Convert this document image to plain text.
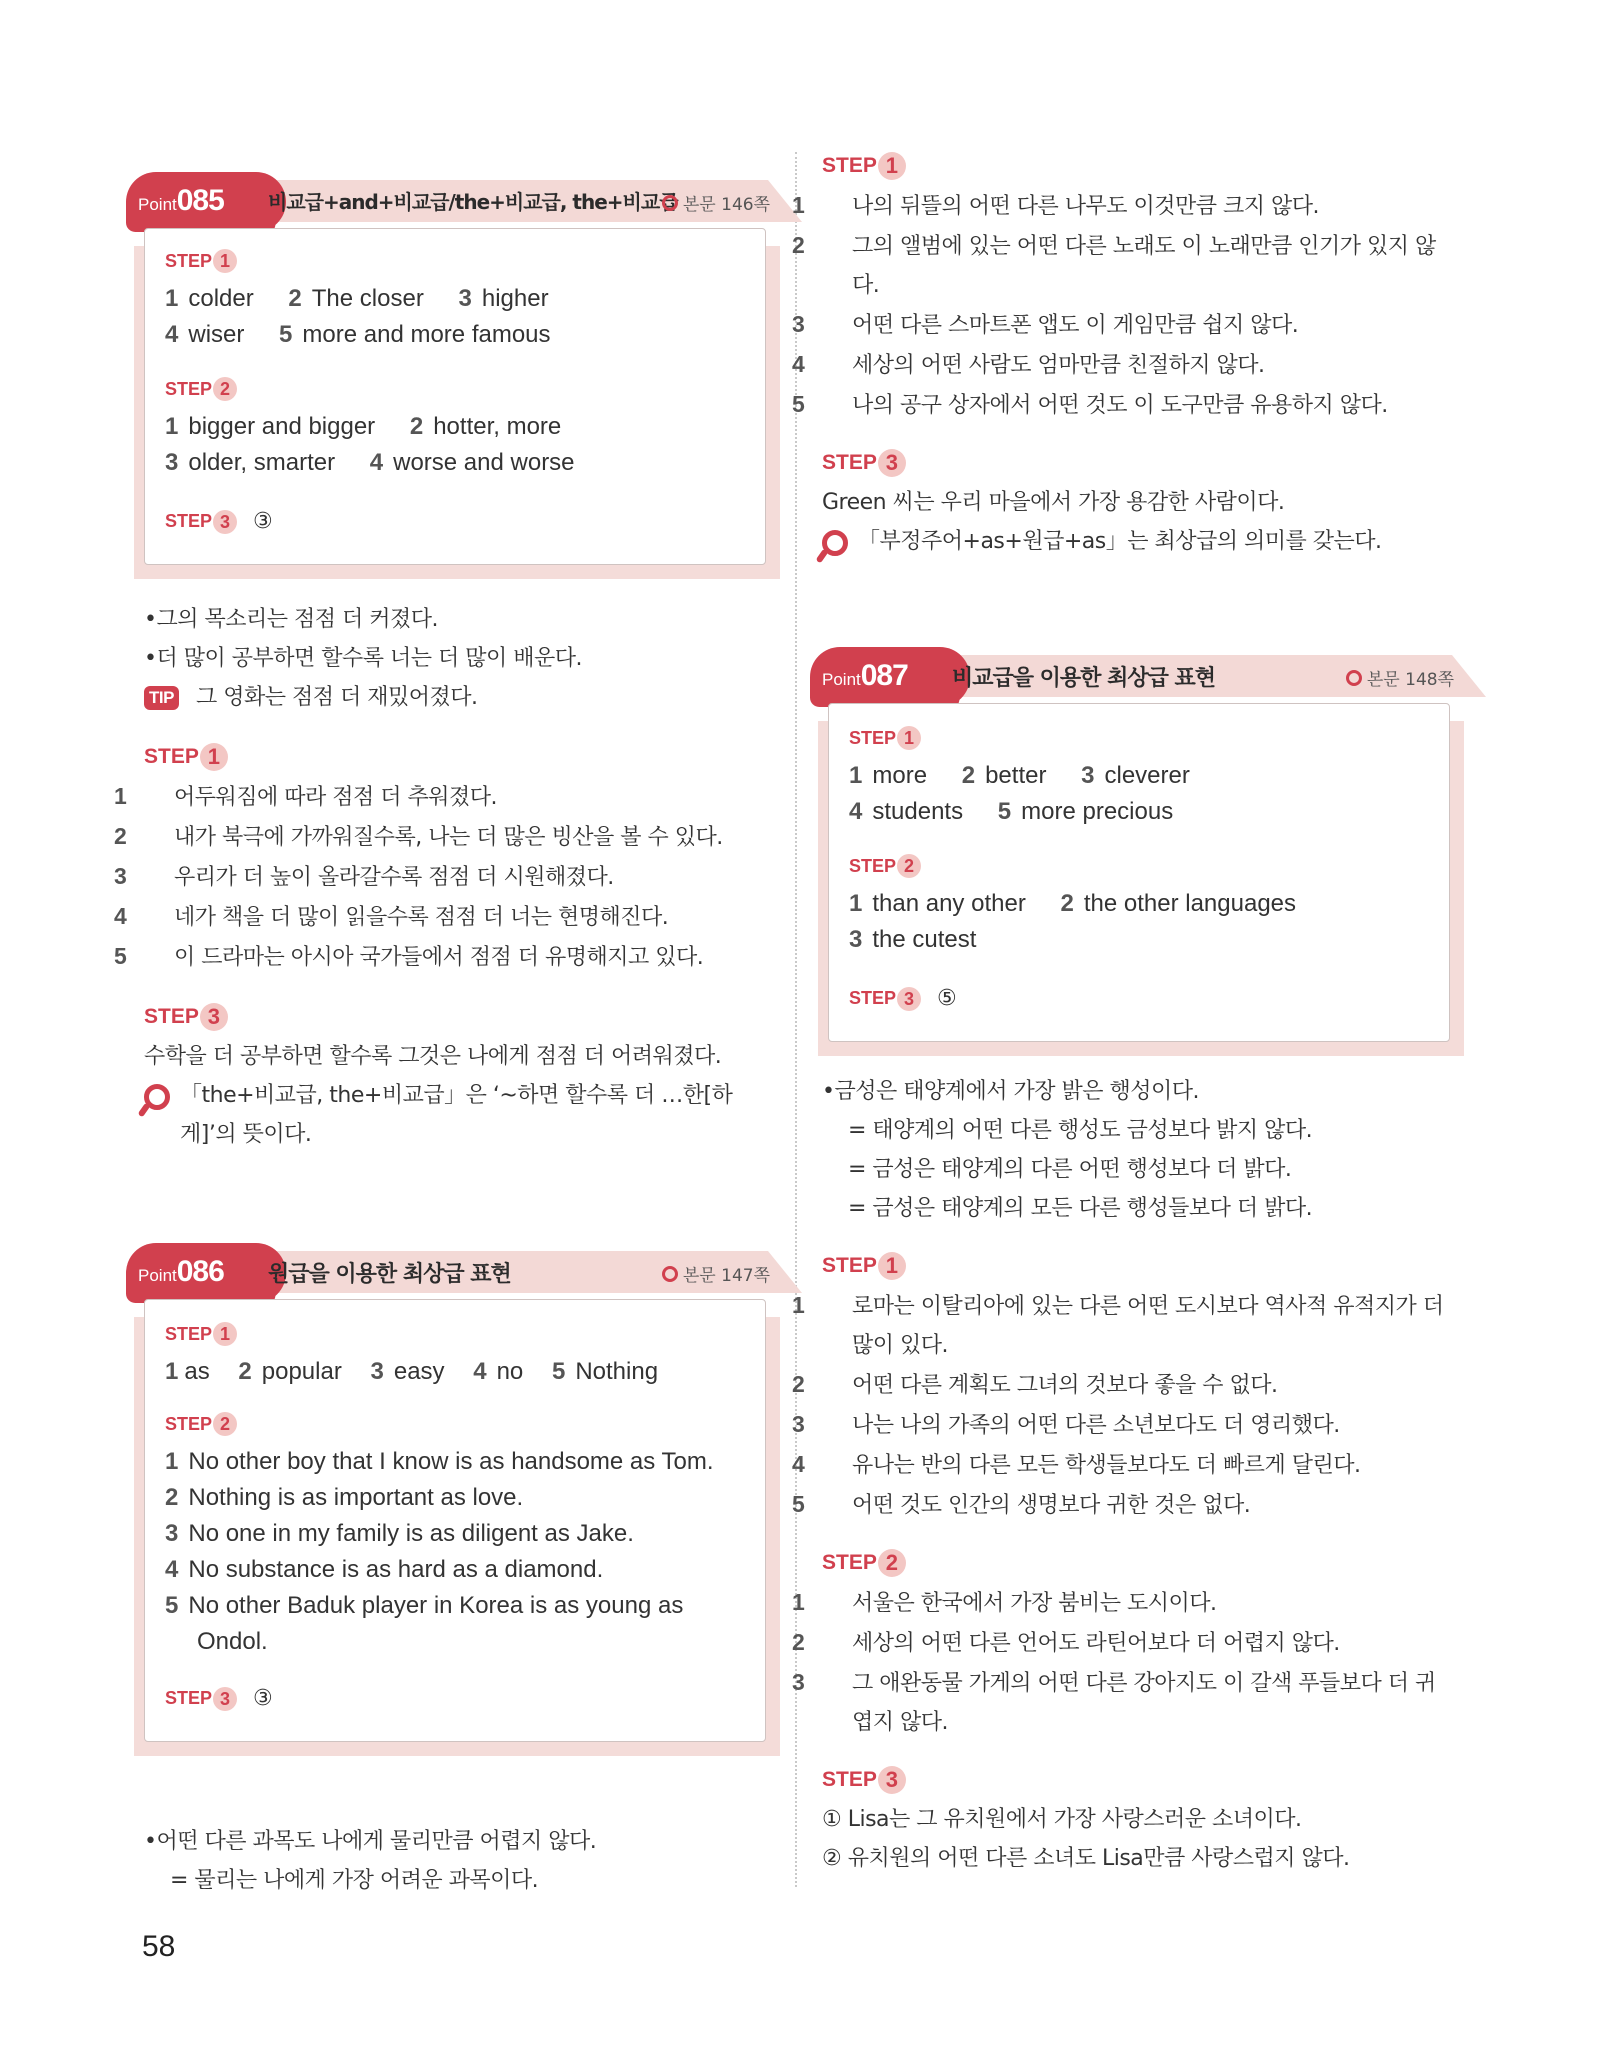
Point085 비교급+and+비교급/the+비교급, the+비교급 본문 146쪽
STEP 1
1 colder 2 The closer 3 higher
4 wiser 5 more and more famous
STEP 2
1 bigger and bigger 2 hotter, more
3 older, smarter 4 worse and worse
STEP 3	③
•그의 목소리는 점점 더 커졌다.
•더 많이 공부하면 할수록 너는 더 많이 배운다.
TIP 그 영화는 점점 더 재밌어졌다.
STEP 1
1 어두워짐에 따라 점점 더 추워졌다.
2 내가 북극에 가까워질수록, 나는 더 많은 빙산을 볼 수 있다.
3 우리가 더 높이 올라갈수록 점점 더 시원해졌다.
4 네가 책을 더 많이 읽을수록 점점 더 너는 현명해진다.
5 이 드라마는 아시아 국가들에서 점점 더 유명해지고 있다.
STEP 3
수학을 더 공부하면 할수록 그것은 나에게 점점 더 어려워졌다.
「the+비교급, the+비교급」은 ‘~하면 할수록 더 …한[하게]’의 뜻이다.
Point086 원급을 이용한 최상급 표현	본문 147쪽
STEP 1
1 as 2 popular 3 easy 4 no 5 Nothing
STEP 2
1 No other boy that I know is as handsome as Tom.
2 Nothing is as important as love.
3 No one in my family is as diligent as Jake.
4 No substance is as hard as a diamond.
5 No other Baduk player in Korea is as young as Ondol.
STEP 3	③
•어떤 다른 과목도 나에게 물리만큼 어렵지 않다.
= 물리는 나에게 가장 어려운 과목이다.
STEP 1
1 나의 뒤뜰의 어떤 다른 나무도 이것만큼 크지 않다.
2 그의 앨범에 있는 어떤 다른 노래도 이 노래만큼 인기가 있지 않다.
3 어떤 다른 스마트폰 앱도 이 게임만큼 쉽지 않다.
4 세상의 어떤 사람도 엄마만큼 친절하지 않다.
5 나의 공구 상자에서 어떤 것도 이 도구만큼 유용하지 않다.
STEP 3
Green 씨는 우리 마을에서 가장 용감한 사람이다.
「부정주어+as+원급+as」는 최상급의 의미를 갖는다.
Point087 비교급을 이용한 최상급 표현	본문 148쪽
STEP 1
1 more 2 better 3 cleverer
4 students 5 more precious
STEP 2
1 than any other 2 the other languages
3 the cutest
STEP 3	⑤
•금성은 태양계에서 가장 밝은 행성이다.
= 태양계의 어떤 다른 행성도 금성보다 밝지 않다.
= 금성은 태양계의 다른 어떤 행성보다 더 밝다.
= 금성은 태양계의 모든 다른 행성들보다 더 밝다.
STEP 1
1 로마는 이탈리아에 있는 다른 어떤 도시보다 역사적 유적지가 더 많이 있다.
2 어떤 다른 계획도 그녀의 것보다 좋을 수 없다.
3 나는 나의 가족의 어떤 다른 소년보다도 더 영리했다.
4 유나는 반의 다른 모든 학생들보다도 더 빠르게 달린다.
5 어떤 것도 인간의 생명보다 귀한 것은 없다.
STEP 2
1 서울은 한국에서 가장 붐비는 도시이다.
2 세상의 어떤 다른 언어도 라틴어보다 더 어렵지 않다.
3 그 애완동물 가게의 어떤 다른 강아지도 이 갈색 푸들보다 더 귀엽지 않다.
STEP 3
① Lisa는 그 유치원에서 가장 사랑스러운 소녀이다.
② 유치원의 어떤 다른 소녀도 Lisa만큼 사랑스럽지 않다.
58
